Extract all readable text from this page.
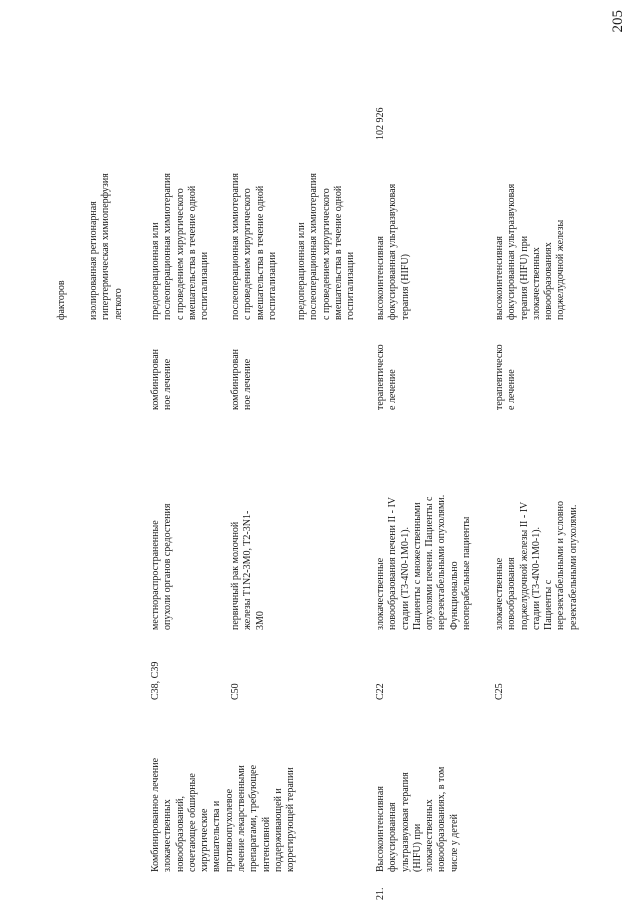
205
факторов изолированная регионарная
гипертермическая химиоперфузия
легкого
Комбинированное лечение
злокачественных
новообразований,
сочетающее обширные
хирургические
вмешательства и
противоопухолевое
лечение лекарственными
препаратами, требующее
интенсивной
поддерживающей и
коррегирующей терапии
C38, C39
местнораспространенные
опухоли органов средостения
комбинирован
ное лечение
предоперационная или
послеоперационная химиотерапия
с проведением хирургического
вмешательства в течение одной
госпитализации
C50
первичный рак молочной
железы T1N2-3M0, T2-3N1-
3M0
комбинирован
ное лечение
послеоперационная химиотерапия
с проведением хирургического
вмешательства в течение одной
госпитализации предоперационная или
послеоперационная химиотерапия
с проведением хирургического
вмешательства в течение одной
госпитализации
21.
Высокоинтенсивная
фокусированная
ультразвуковая терапия
(HIFU) при
злокачественных
новообразованиях, в том
числе у детей
C22
злокачественные
новообразования печени II - IV
стадии (T3-4N0-1M0-1).
Пациенты с множественными
опухолями печени. Пациенты с
нерезектабельными опухолями.
Функционально
неоперабельные пациенты
терапевтическо
е лечение
высокоинтенсивная
фокусированная ультразвуковая
терапия (HIFU)
102 926
C25
злокачественные
новообразования
поджелудочной железы II - IV
стадии (T3-4N0-1M0-1).
Пациенты с
нерезектабельными и условно
резектабельными опухолями.
терапевтическо
е лечение
высокоинтенсивная
фокусированная ультразвуковая
терапия (HIFU) при
злокачественных
новообразованиях
поджелудочной железы
